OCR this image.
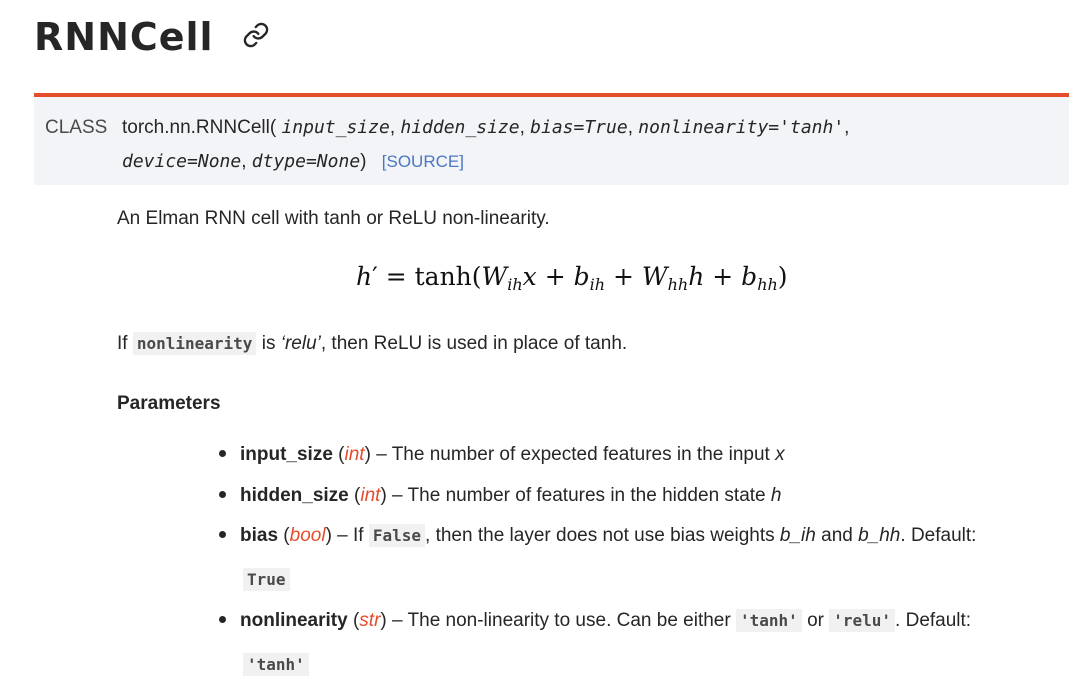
RNNCell
CLASS torch.nn.RNNCell( input_size, hidden_size, bias=True, nonlinearity='tanh',
device=None, dtype=None) [SOURCE]
An Elman RNN cell with tanh or ReLU non-linearity.
$h' = \tanh(W_{ih}x + b_{ih} + W_{hh}h + b_{hh})$
If nonlinearity is ‘relu’, then ReLU is used in place of tanh.
Parameters
input_size (int) – The number of expected features in the input x
hidden_size (int) – The number of features in the hidden state h
bias (bool) – If False , then the layer does not use bias weights b_ih and b_hh. Default:
True
nonlinearity (str) – The non-linearity to use. Can be either 'tanh' or 'relu' . Default:
'tanh'
